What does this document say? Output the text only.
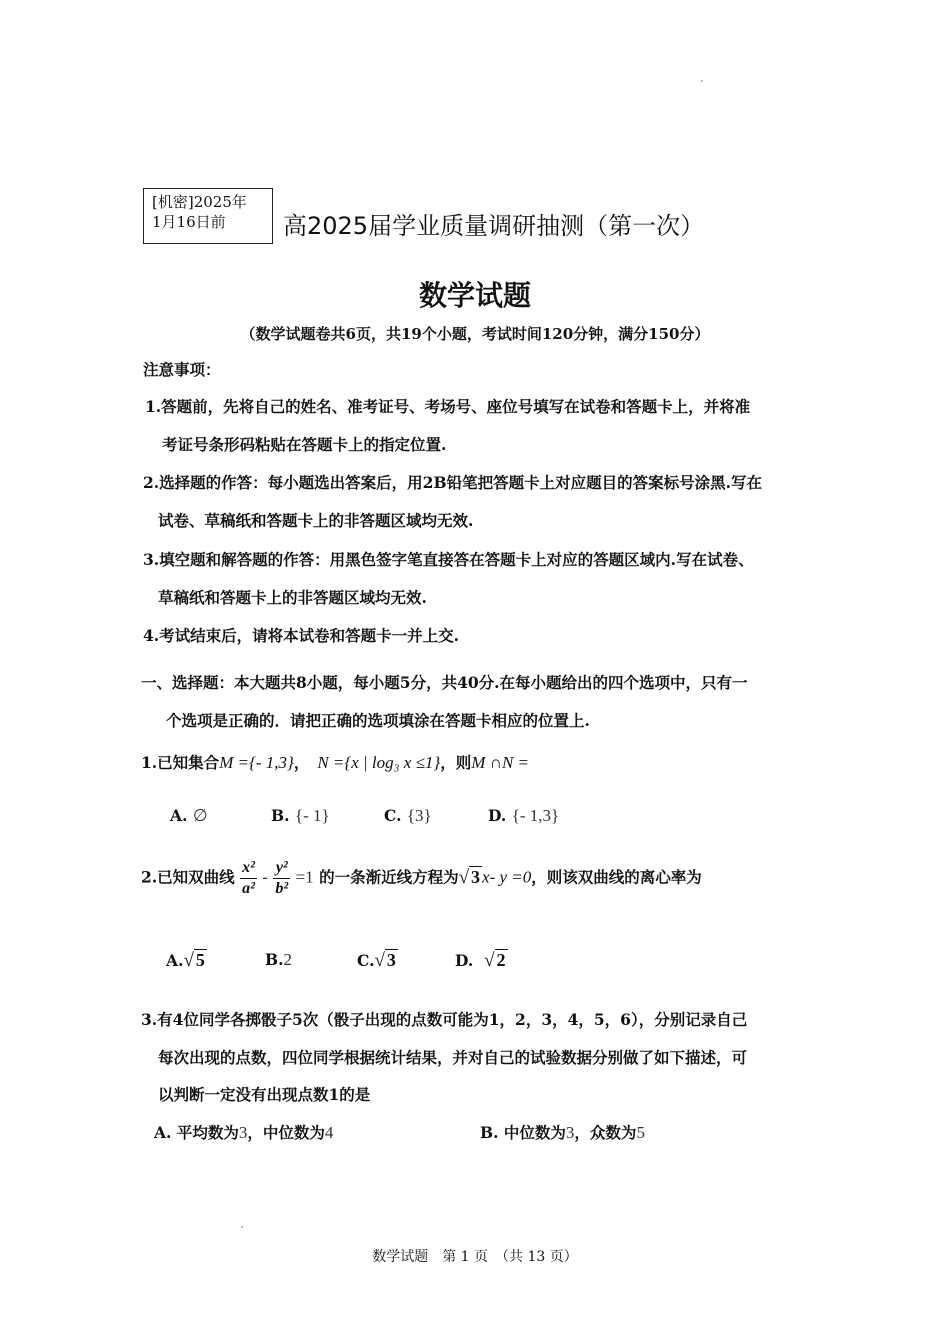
[机密]2025年
1月16日前	高2025届学业质量调研抽测（第一次）
数学试题
（数学试题卷共6页，共19个小题，考试时间120分钟，满分150分）
注意事项：
1.答题前，先将自己的姓名、准考证号、考场号、座位号填写在试卷和答题卡上，并将准
考证号条形码粘贴在答题卡上的指定位置.
2.选择题的作答：每小题选出答案后，用2B铅笔把答题卡上对应题目的答案标号涂黑.写在
试卷、草稿纸和答题卡上的非答题区域均无效.
3.填空题和解答题的作答：用黑色签字笔直接答在答题卡上对应的答题区域内.写在试卷、
草稿纸和答题卡上的非答题区域均无效.
4.考试结束后，请将本试卷和答题卡一并上交.
一、选择题：本大题共8小题，每小题5分，共40分.在每小题给出的四个选项中，只有一
个选项是正确的．请把正确的选项填涂在答题卡相应的位置上.
1.已知集合M ={- 1,3}， N ={x | log₃ x ≤1}，则M ∩N =
A. ∅	B. {- 1}	C. {3}	D. {- 1,3}
2.已知双曲线 $\frac{\text{x²}}{\text{a²}} - \frac{\text{y²}}{\text{b²}} =1$ 的一条渐近线方程为√ 3 x- y =0，则该双曲线的离心率为
A.√ 5	B.2	C.√ 3	D. √ 2
3.有4位同学各掷骰子5次（骰子出现的点数可能为1，2，3，4，5，6），分别记录自己
每次出现的点数，四位同学根据统计结果，并对自己的试验数据分别做了如下描述，可
以判断一定没有出现点数1的是
A. 平均数为3，中位数为4	B. 中位数为3，众数为5
数学试题　第 1 页　（共 13 页）
